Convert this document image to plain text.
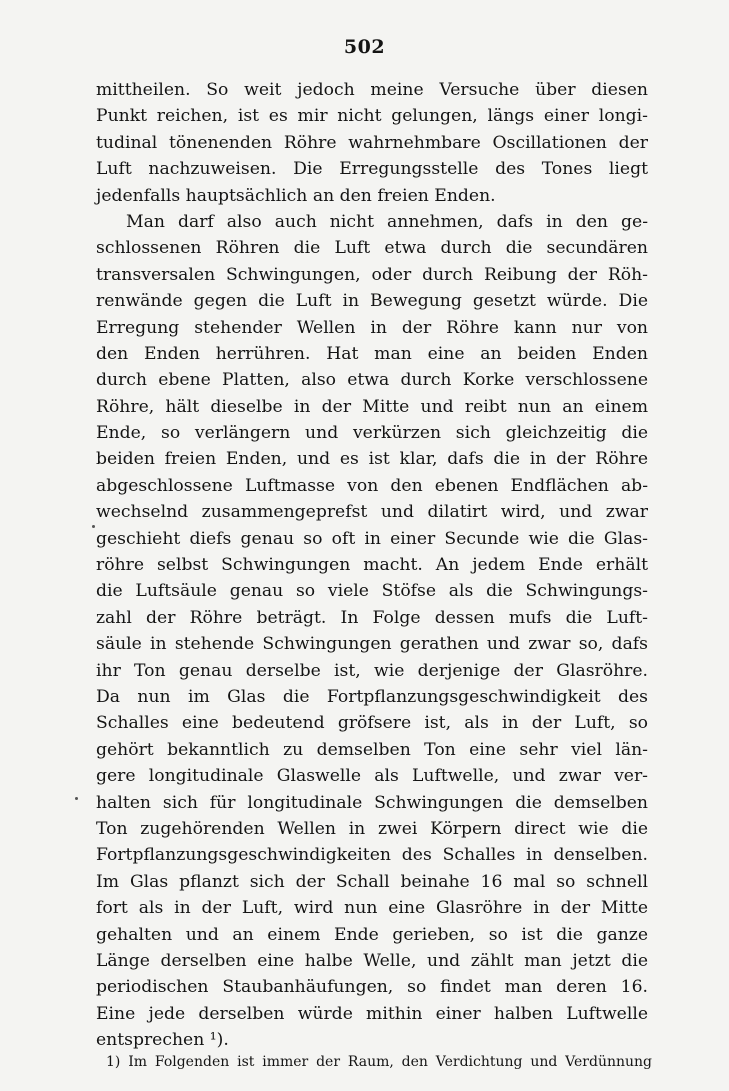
502
mittheilen. So weit jedoch meine Versuche über diesen
Punkt reichen, ist es mir nicht gelungen, längs einer longi-
tudinal tönenenden Röhre wahrnehmbare Oscillationen der
Luft nachzuweisen. Die Erregungsstelle des Tones liegt
jedenfalls hauptsächlich an den freien Enden.
Man darf also auch nicht annehmen, dafs in den ge-
schlossenen Röhren die Luft etwa durch die secundären
transversalen Schwingungen, oder durch Reibung der Röh-
renwände gegen die Luft in Bewegung gesetzt würde. Die
Erregung stehender Wellen in der Röhre kann nur von
den Enden herrühren. Hat man eine an beiden Enden
durch ebene Platten, also etwa durch Korke verschlossene
Röhre, hält dieselbe in der Mitte und reibt nun an einem
Ende, so verlängern und verkürzen sich gleichzeitig die
beiden freien Enden, und es ist klar, dafs die in der Röhre
abgeschlossene Luftmasse von den ebenen Endflächen ab-
wechselnd zusammengeprefst und dilatirt wird, und zwar
geschieht diefs genau so oft in einer Secunde wie die Glas-
röhre selbst Schwingungen macht. An jedem Ende erhält
die Luftsäule genau so viele Stöfse als die Schwingungs-
zahl der Röhre beträgt. In Folge dessen mufs die Luft-
säule in stehende Schwingungen gerathen und zwar so, dafs
ihr Ton genau derselbe ist, wie derjenige der Glasröhre.
Da nun im Glas die Fortpflanzungsgeschwindigkeit des
Schalles eine bedeutend gröfsere ist, als in der Luft, so
gehört bekanntlich zu demselben Ton eine sehr viel län-
gere longitudinale Glaswelle als Luftwelle, und zwar ver-
halten sich für longitudinale Schwingungen die demselben
Ton zugehörenden Wellen in zwei Körpern direct wie die
Fortpflanzungsgeschwindigkeiten des Schalles in denselben.
Im Glas pflanzt sich der Schall beinahe 16 mal so schnell
fort als in der Luft, wird nun eine Glasröhre in der Mitte
gehalten und an einem Ende gerieben, so ist die ganze
Länge derselben eine halbe Welle, und zählt man jetzt die
periodischen Staubanhäufungen, so findet man deren 16.
Eine jede derselben würde mithin einer halben Luftwelle
entsprechen ¹).
1) Im Folgenden ist immer der Raum, den Verdichtung und Verdünnung
